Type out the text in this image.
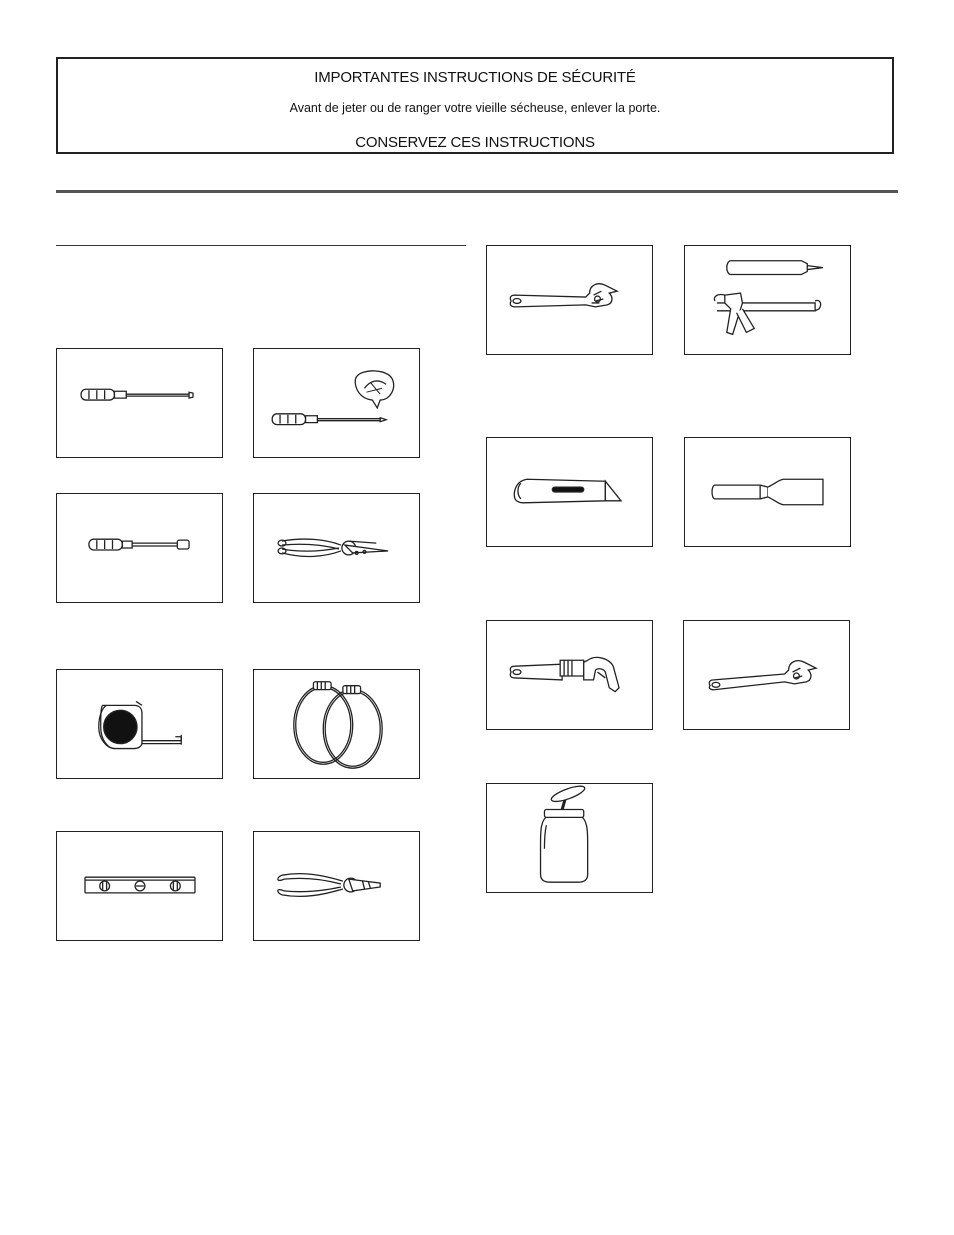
IMPORTANTES INSTRUCTIONS DE SÉCURITÉ
Avant de jeter ou de ranger votre vieille sécheuse, enlever la porte.
CONSERVEZ CES INSTRUCTIONS
